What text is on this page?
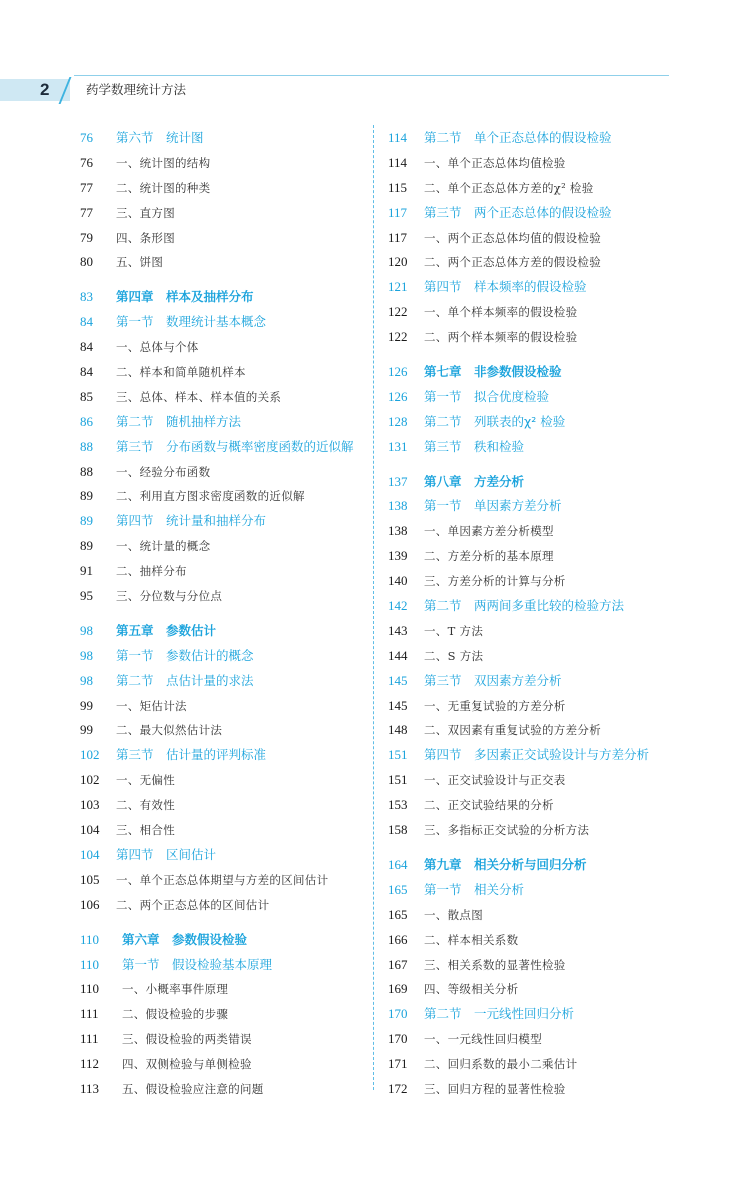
2	药学数理统计方法
76	第六节　统计图
76	一、统计图的结构
77	二、统计图的种类
77	三、直方图
79	四、条形图
80	五、饼图
83	第四章　样本及抽样分布
84	第一节　数理统计基本概念
84	一、总体与个体
84	二、样本和简单随机样本
85	三、总体、样本、样本值的关系
86	第二节　随机抽样方法
88	第三节　分布函数与概率密度函数的近似解
88	一、经验分布函数
89	二、利用直方图求密度函数的近似解
89	第四节　统计量和抽样分布
89	一、统计量的概念
91	二、抽样分布
95	三、分位数与分位点
98	第五章　参数估计
98	第一节　参数估计的概念
98	第二节　点估计量的求法
99	一、矩估计法
99	二、最大似然估计法
102	第三节　估计量的评判标准
102	一、无偏性
103	二、有效性
104	三、相合性
104	第四节　区间估计
105	一、单个正态总体期望与方差的区间估计
106	二、两个正态总体的区间估计
110	第六章　参数假设检验
110	第一节　假设检验基本原理
110	一、小概率事件原理
111	二、假设检验的步骤
111	三、假设检验的两类错误
112	四、双侧检验与单侧检验
113	五、假设检验应注意的问题
114	第二节　单个正态总体的假设检验
114	一、单个正态总体均值检验
115	二、单个正态总体方差的χ² 检验
117	第三节　两个正态总体的假设检验
117	一、两个正态总体均值的假设检验
120	二、两个正态总体方差的假设检验
121	第四节　样本频率的假设检验
122	一、单个样本频率的假设检验
122	二、两个样本频率的假设检验
126	第七章　非参数假设检验
126	第一节　拟合优度检验
128	第二节　列联表的χ² 检验
131	第三节　秩和检验
137	第八章　方差分析
138	第一节　单因素方差分析
138	一、单因素方差分析模型
139	二、方差分析的基本原理
140	三、方差分析的计算与分析
142	第二节　两两间多重比较的检验方法
143	一、T 方法
144	二、S 方法
145	第三节　双因素方差分析
145	一、无重复试验的方差分析
148	二、双因素有重复试验的方差分析
151	第四节　多因素正交试验设计与方差分析
151	一、正交试验设计与正交表
153	二、正交试验结果的分析
158	三、多指标正交试验的分析方法
164	第九章　相关分析与回归分析
165	第一节　相关分析
165	一、散点图
166	二、样本相关系数
167	三、相关系数的显著性检验
169	四、等级相关分析
170	第二节　一元线性回归分析
170	一、一元线性回归模型
171	二、回归系数的最小二乘估计
172	三、回归方程的显著性检验
